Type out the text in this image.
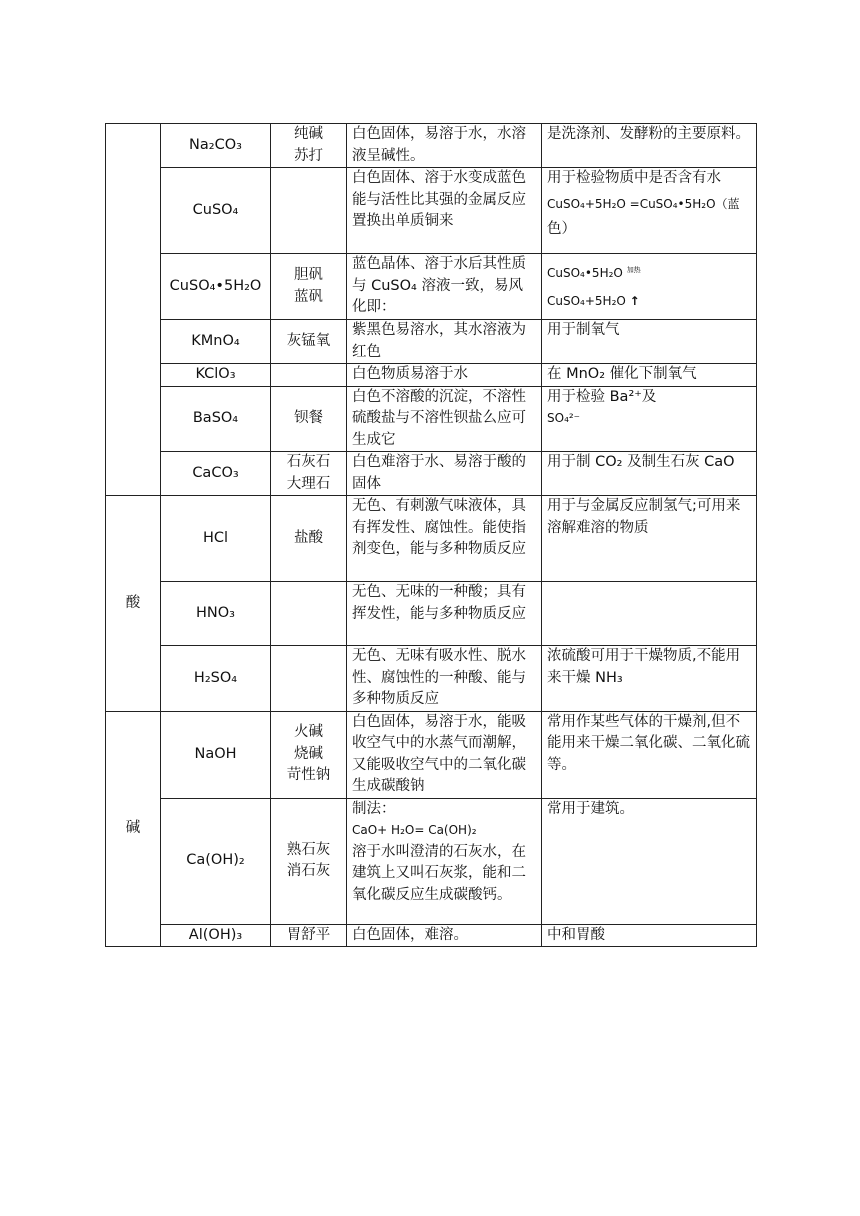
	Na₂CO₃	纯碱
苏打	白色固体，易溶于水，水溶液呈碱性。	是洗涤剂、发酵粉的主要原料。
	CuSO₄		白色固体、溶于水变成蓝色能与活性比其强的金属反应置换出单质铜来	用于检验物质中是否含有水
CuSO₄+5H₂O =CuSO₄•5H₂O（蓝
色）

	CuSO₄•5H₂O	胆矾
蓝矾	蓝色晶体、溶于水后其性质与 CuSO₄ 溶液一致，易风化即：	CuSO₄•5H₂O $^{加热}$
CuSO₄+5H₂O ↑

	KMnO₄	灰锰氧	紫黑色易溶水，其水溶液为红色	用于制氧气
	KClO₃		白色物质易溶于水	在 MnO₂ 催化下制氧气
	BaSO₄	钡餐	白色不溶酸的沉淀，不溶性硫酸盐与不溶性钡盐么应可生成它	用于检验 Ba²⁺及
SO₄²⁻

	CaCO₃	石灰石
大理石	白色难溶于水、易溶于酸的固体	用于制 CO₂ 及制生石灰 CaO
酸	HCl	盐酸	无色、有刺激气味液体，具有挥发性、腐蚀性。能使指剂变色，能与多种物质反应	用于与金属反应制氢气;可用来溶解难溶的物质
	HNO₃		无色、无味的一种酸；具有挥发性，能与多种物质反应	
	H₂SO₄		无色、无味有吸水性、脱水性、腐蚀性的一种酸、能与多种物质反应	浓硫酸可用于干燥物质,不能用来干燥 NH₃
碱	NaOH	火碱
烧碱
苛性钠	白色固体，易溶于水，能吸收空气中的水蒸气而潮解，又能吸收空气中的二氧化碳生成碳酸钠	常用作某些气体的干燥剂,但不能用来干燥二氧化碳、二氧化硫等。
	Ca(OH)₂	熟石灰
消石灰	制法：
CaO+ H₂O= Ca(OH)₂
溶于水叫澄清的石灰水，在建筑上又叫石灰浆，能和二氧化碳反应生成碳酸钙。	常用于建筑。
	Al(OH)₃	胃舒平	白色固体，难溶。	中和胃酸
